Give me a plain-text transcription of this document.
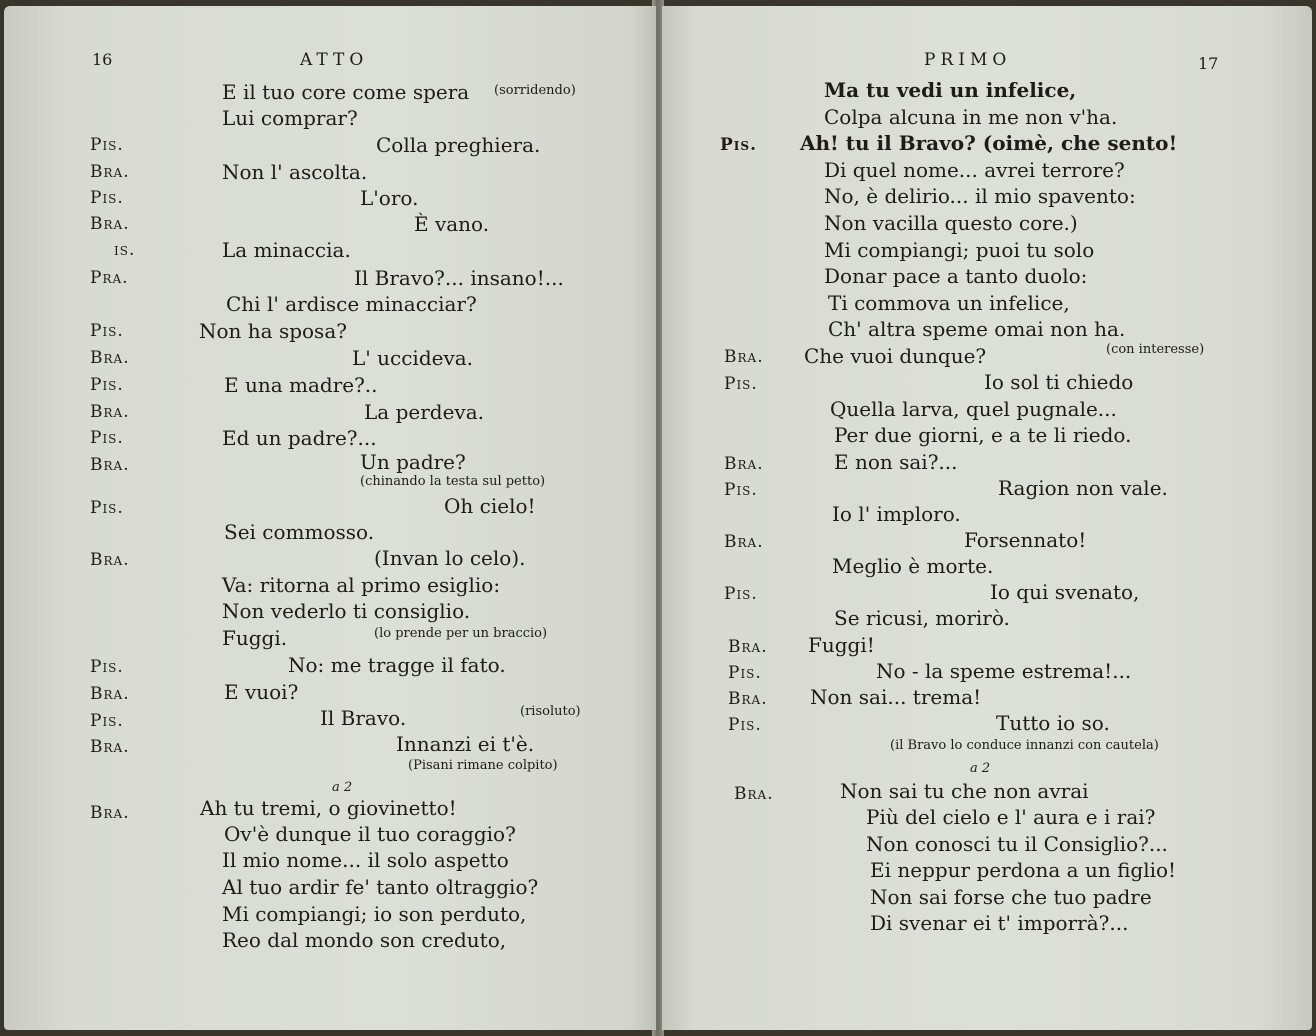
16	ATTO
E il tuo core come spera (sorridendo)
Lui comprar?
Pis.	Colla preghiera.
Bra.	Non l' ascolta.
Pis.	L'oro.
Bra.	È vano.
is.	La minaccia.
Pra.	Il Bravo?... insano!...
Chi l' ardisce minacciar?
Pis.	Non ha sposa?
Bra.	L' uccideva.
Pis.	E una madre?..
Bra.	La perdeva.
Pis.	Ed un padre?...
Bra.	Un padre?
(chinando la testa sul petto)
Pis.	Oh cielo!
Sei commosso.
Bra.	(Invan lo celo).
Va: ritorna al primo esiglio:
Non vederlo ti consiglio.
Fuggi.	(lo prende per un braccio)
Pis.	No: me tragge il fato.
Bra.	E vuoi?
Pis.	Il Bravo.	(risoluto)
Bra.	Innanzi ei t'è.
(Pisani rimane colpito)
a 2
Bra.	Ah tu tremi, o giovinetto!
Ov'è dunque il tuo coraggio?
Il mio nome... il solo aspetto
Al tuo ardir fe' tanto oltraggio?
Mi compiangi; io son perduto,
Reo dal mondo son creduto,
PRIMO	17
Ma tu vedi un infelice,
Colpa alcuna in me non v'ha.
Pis. Ah! tu il Bravo? (oimè, che sento!
Di quel nome... avrei terrore?
No, è delirio... il mio spavento:
Non vacilla questo core.)
Mi compiangi; puoi tu solo
Donar pace a tanto duolo:
Ti commova un infelice,
Ch' altra speme omai non ha.
Bra. Che vuoi dunque?	(con interesse)
Pis.	Io sol ti chiedo
Quella larva, quel pugnale...
Per due giorni, e a te li riedo.
Bra.	E non sai?...
Pis.	Ragion non vale.
Io l' imploro.
Bra.	Forsennato!
Meglio è morte.
Pis.	Io qui svenato,
Se ricusi, morirò.
Bra. Fuggi!
Pis.	No - la speme estrema!...
Bra. Non sai... trema!
Pis.	Tutto io so.
(il Bravo lo conduce innanzi con cautela)
a 2
Bra.	Non sai tu che non avrai
Più del cielo e l' aura e i rai?
Non conosci tu il Consiglio?...
Ei neppur perdona a un figlio!
Non sai forse che tuo padre
Di svenar ei t' imporrà?...
